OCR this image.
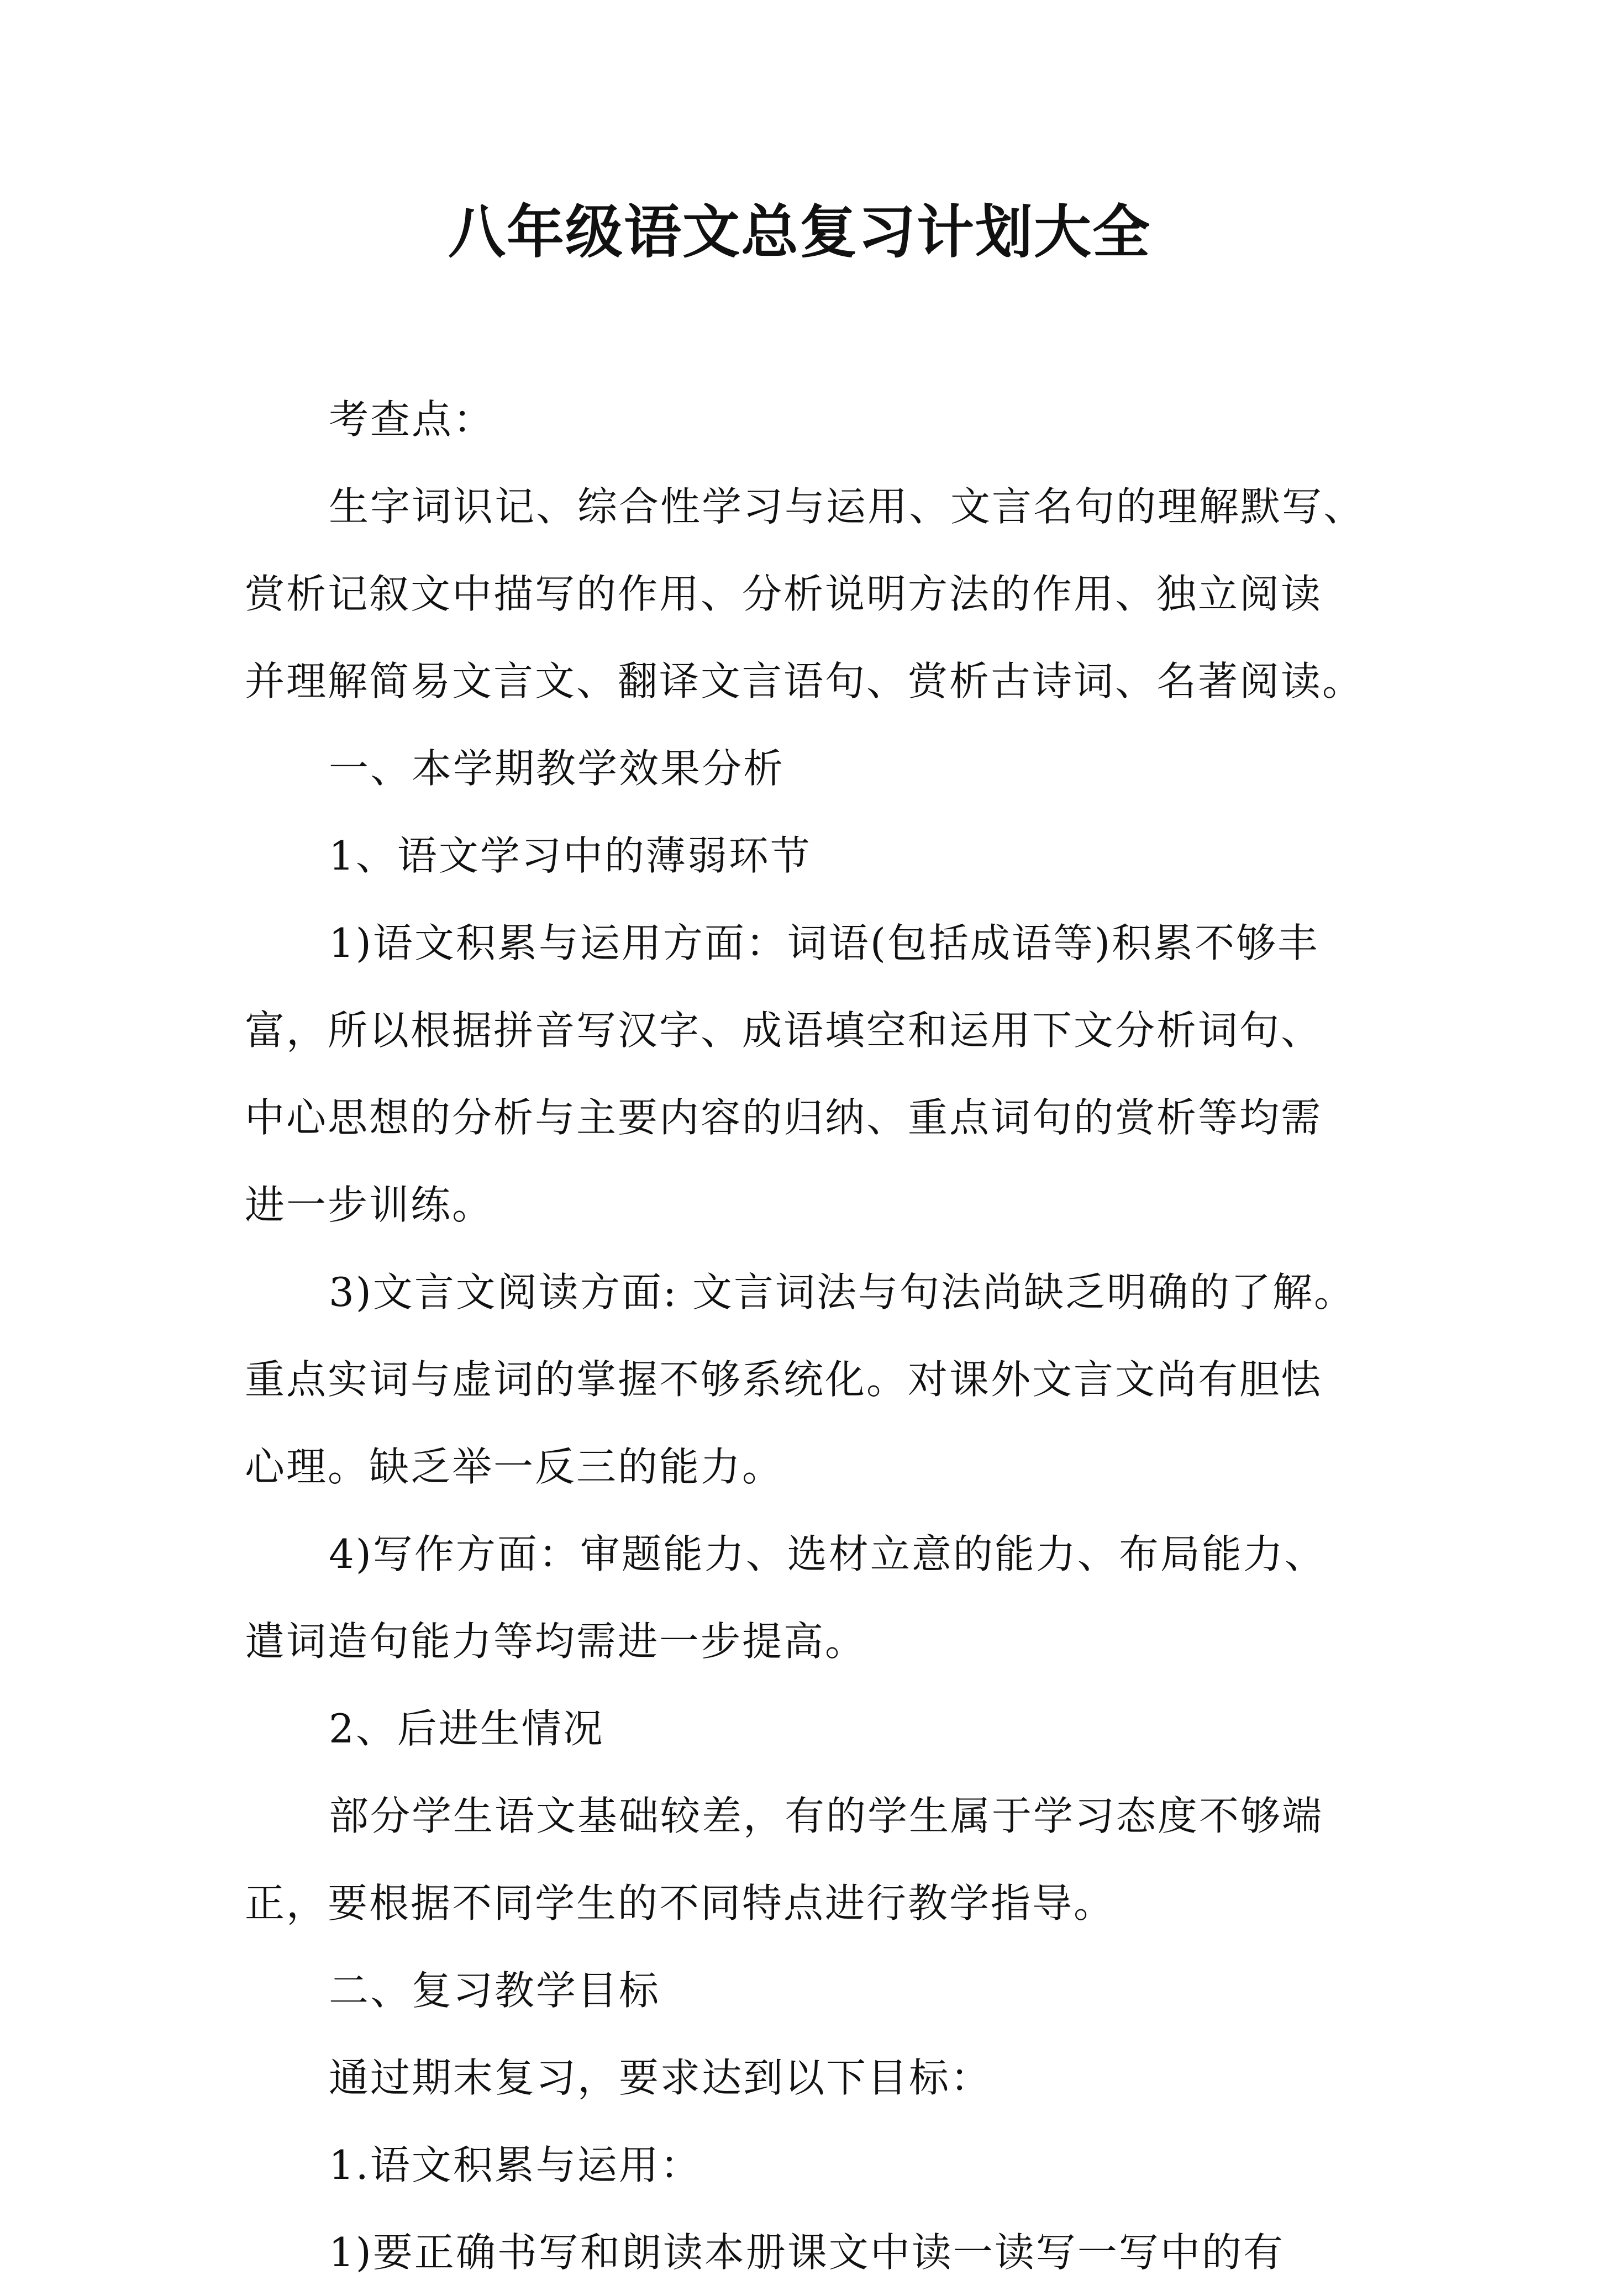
八年级语文总复习计划大全

考查点：

生字词识记、综合性学习与运用、文言名句的理解默写、

赏析记叙文中描写的作用、分析说明方法的作用、独立阅读

并理解简易文言文、翻译文言语句、赏析古诗词、名著阅读。

一、本学期教学效果分析

1、语文学习中的薄弱环节

1)语文积累与运用方面：词语(包括成语等)积累不够丰

富，所以根据拼音写汉字、成语填空和运用下文分析词句、

中心思想的分析与主要内容的归纳、重点词句的赏析等均需

进一步训练。

3)文言文阅读方面: 文言词法与句法尚缺乏明确的了解。

重点实词与虚词的掌握不够系统化。对课外文言文尚有胆怯

心理。缺乏举一反三的能力。

4)写作方面：审题能力、选材立意的能力、布局能力、

遣词造句能力等均需进一步提高。

2、后进生情况

部分学生语文基础较差，有的学生属于学习态度不够端

正，要根据不同学生的不同特点进行教学指导。

二、复习教学目标

通过期末复习，要求达到以下目标：

1.语文积累与运用：

1)要正确书写和朗读本册课文中读一读写一写中的有
